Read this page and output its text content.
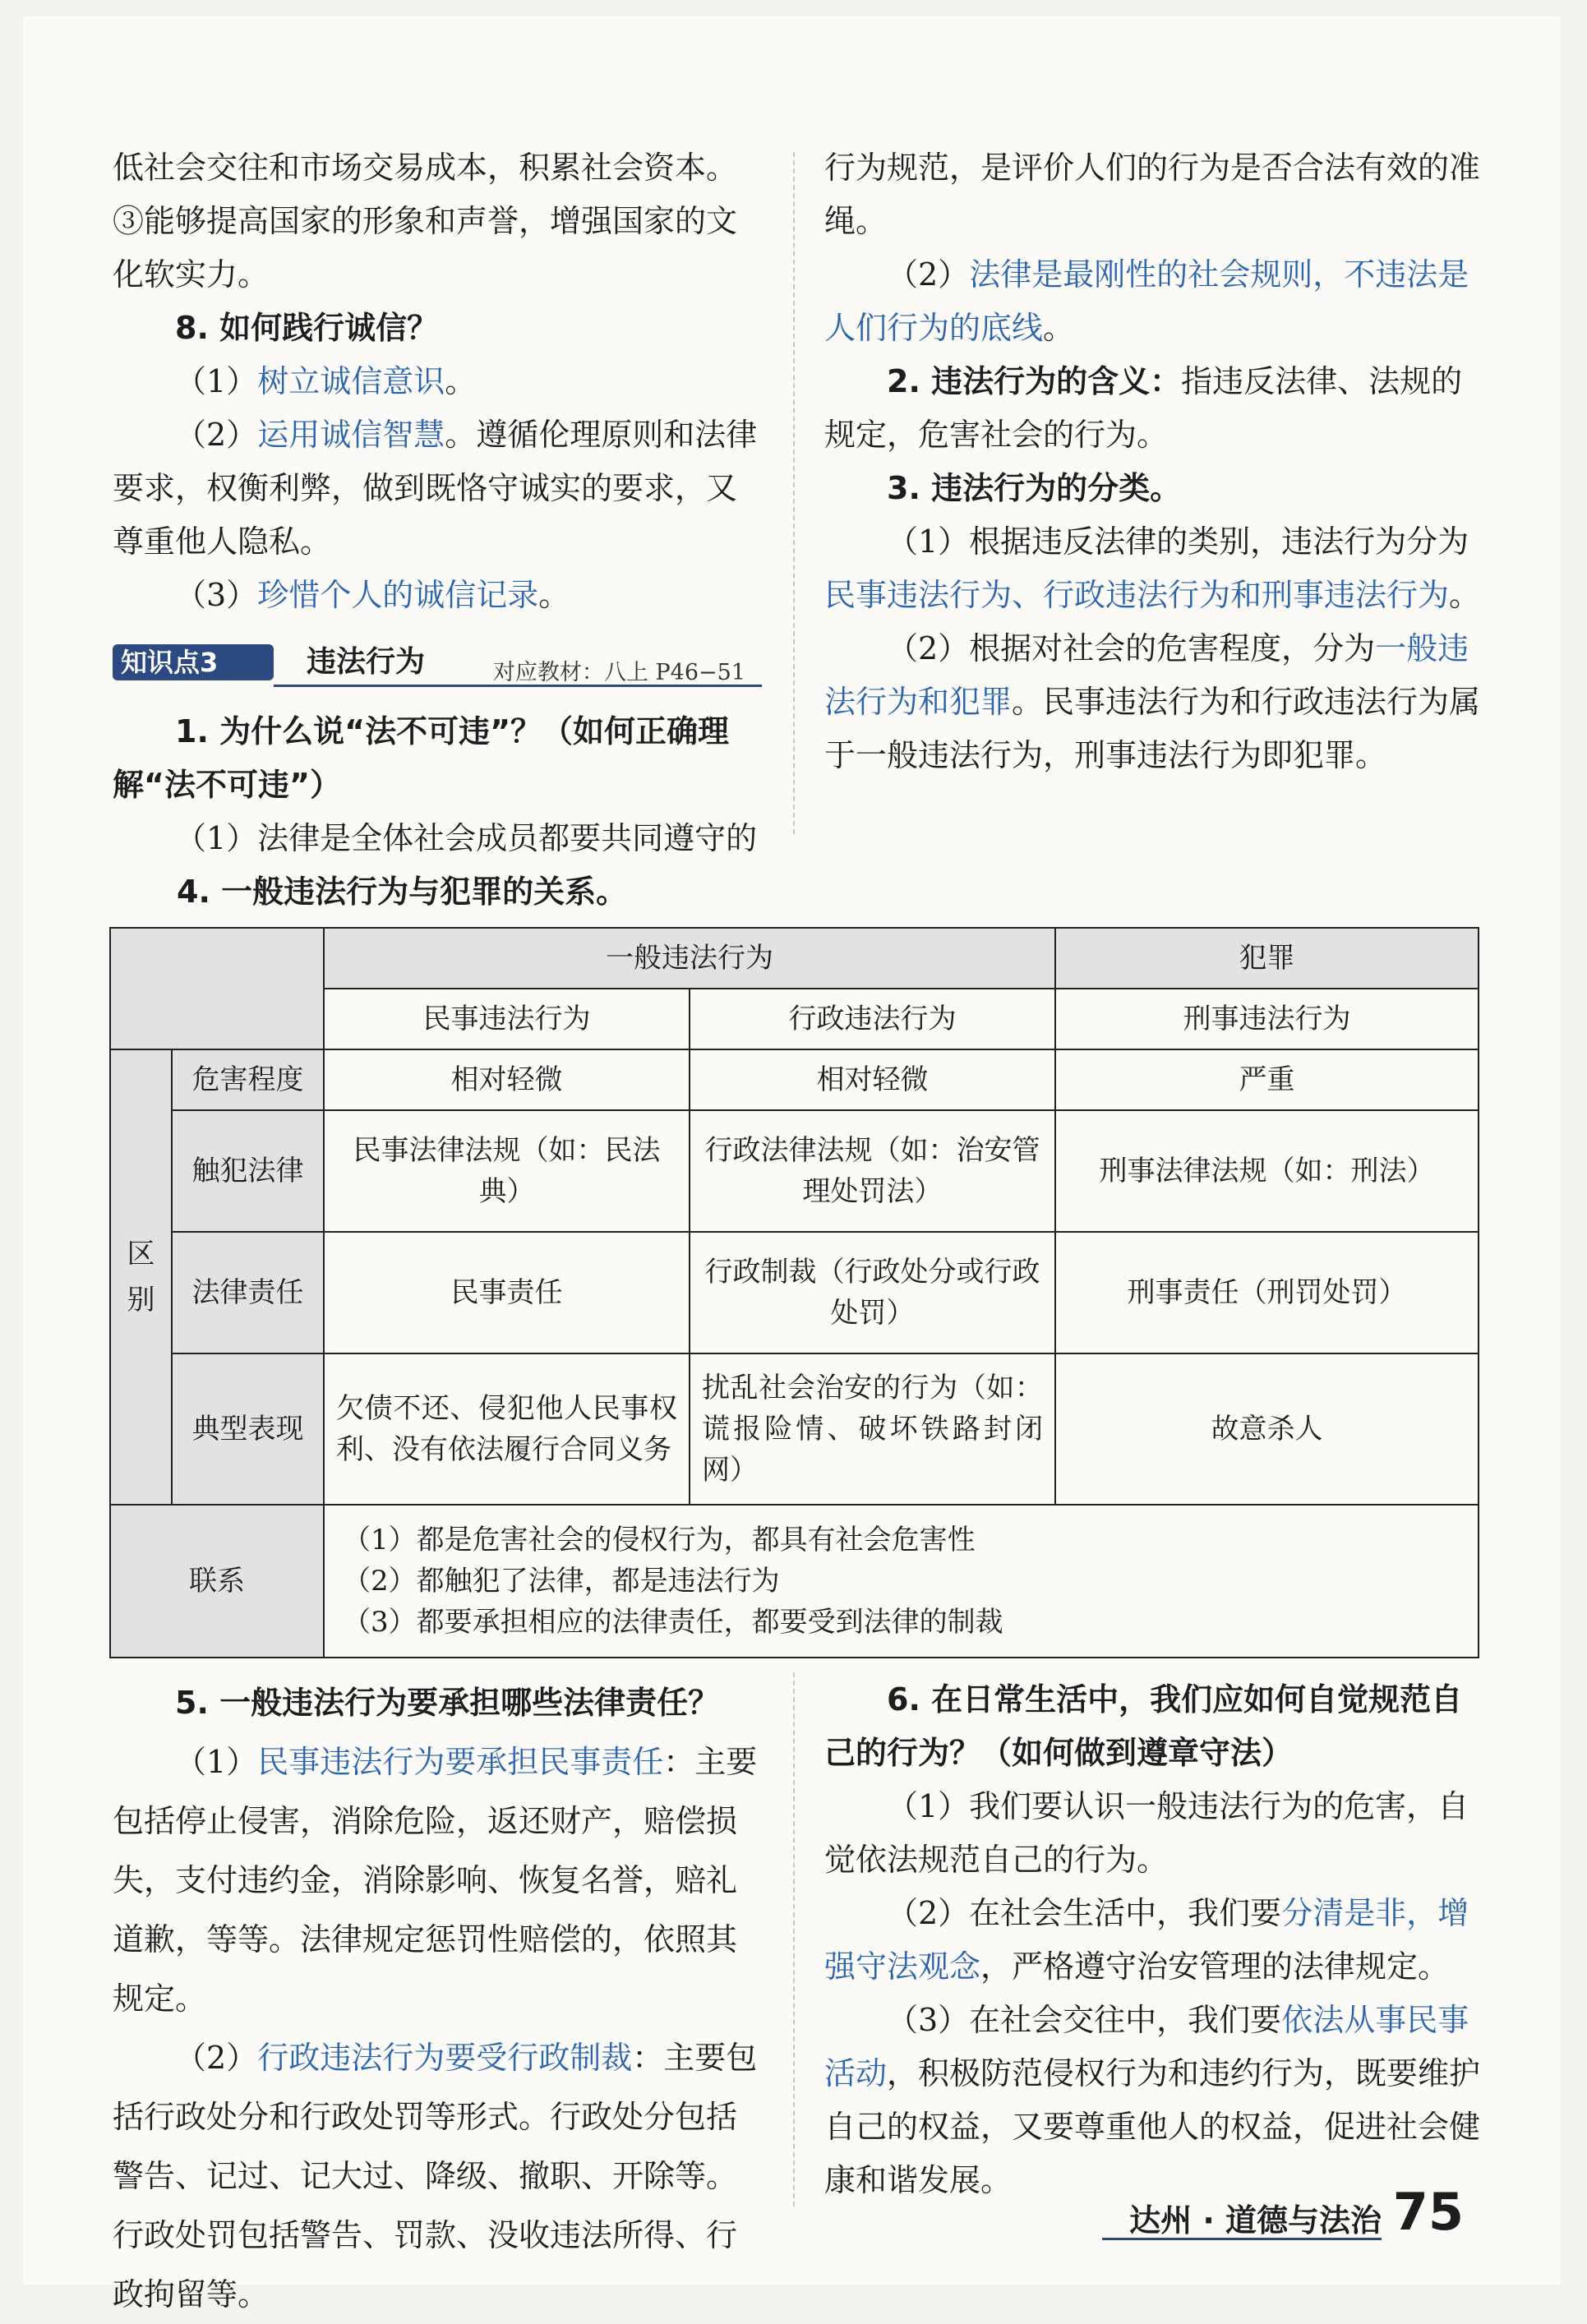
低社会交往和市场交易成本，积累社会资本。

③能够提高国家的形象和声誉，增强国家的文化软实力。

8. 如何践行诚信？

（1）树立诚信意识。

（2）运用诚信智慧。遵循伦理原则和法律要求，权衡利弊，做到既恪守诚实的要求，又尊重他人隐私。

（3）珍惜个人的诚信记录。

知识点3	违法行为	对应教材：八上 P46−51

1. 为什么说“法不可违”？（如何正确理解“法不可违”）

（1）法律是全体社会成员都要共同遵守的

行为规范，是评价人们的行为是否合法有效的准绳。

（2）法律是最刚性的社会规则，不违法是人们行为的底线。

2. 违法行为的含义：指违反法律、法规的规定，危害社会的行为。

3. 违法行为的分类。

（1）根据违反法律的类别，违法行为分为民事违法行为、行政违法行为和刑事违法行为。

（2）根据对社会的危害程度，分为一般违法行为和犯罪。民事违法行为和行政违法行为属于一般违法行为，刑事违法行为即犯罪。

4. 一般违法行为与犯罪的关系。
		一般违法行为		犯罪
		民事违法行为	行政违法行为	刑事违法行为
区别	危害程度	相对轻微	相对轻微	严重
	触犯法律	民事法律法规（如：民法典）	行政法律法规（如：治安管理处罚法）	刑事法律法规（如：刑法）
	法律责任	民事责任	行政制裁（行政处分或行政处罚）	刑事责任（刑罚处罚）
	典型表现	欠债不还、侵犯他人民事权利、没有依法履行合同义务	扰乱社会治安的行为（如：谎报险情、破坏铁路封闭网）	故意杀人
联系		（1）都是危害社会的侵权行为，都具有社会危害性
（2）都触犯了法律，都是违法行为
（3）都要承担相应的法律责任，都要受到法律的制裁		

5. 一般违法行为要承担哪些法律责任？

（1）民事违法行为要承担民事责任：主要包括停止侵害，消除危险，返还财产，赔偿损失，支付违约金，消除影响、恢复名誉，赔礼道歉，等等。法律规定惩罚性赔偿的，依照其规定。

（2）行政违法行为要受行政制裁：主要包括行政处分和行政处罚等形式。行政处分包括警告、记过、记大过、降级、撤职、开除等。行政处罚包括警告、罚款、没收违法所得、行政拘留等。

6. 在日常生活中，我们应如何自觉规范自己的行为？（如何做到遵章守法）

（1）我们要认识一般违法行为的危害，自觉依法规范自己的行为。

（2）在社会生活中，我们要分清是非，增强守法观念，严格遵守治安管理的法律规定。

（3）在社会交往中，我们要依法从事民事活动，积极防范侵权行为和违约行为，既要维护自己的权益，又要尊重他人的权益，促进社会健康和谐发展。

达州 · 道德与法治 75
